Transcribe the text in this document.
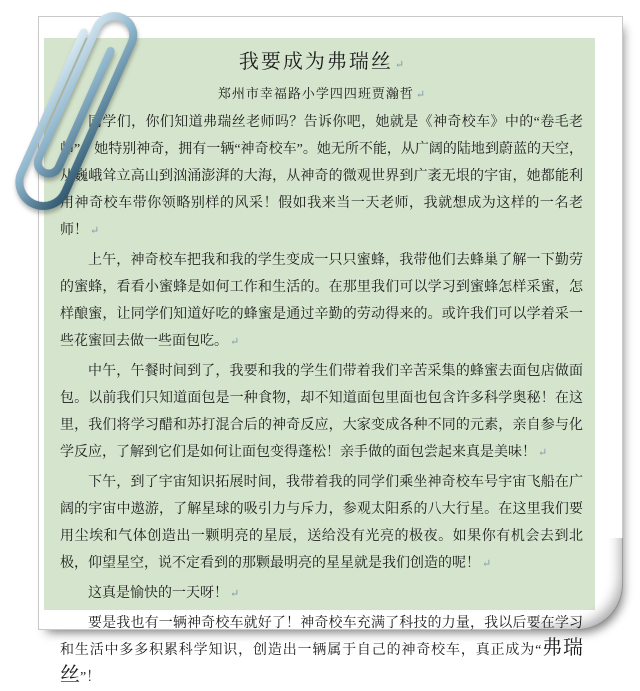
我要成为弗瑞丝 ↵
郑州市幸福路小学四四班贾瀚哲 ↵

同学们，你们知道弗瑞丝老师吗？告诉你吧，她就是《神奇校车》中的“卷毛老师”。她特别神奇，拥有一辆“神奇校车”。她无所不能，从广阔的陆地到蔚蓝的天空，从巍峨耸立高山到汹涌澎湃的大海，从神奇的微观世界到广袤无垠的宇宙，她都能利用神奇校车带你领略别样的风采！假如我来当一天老师，我就想成为这样的一名老师！ ↵

上午，神奇校车把我和我的学生变成一只只蜜蜂，我带他们去蜂巢了解一下勤劳的蜜蜂，看看小蜜蜂是如何工作和生活的。在那里我们可以学习到蜜蜂怎样采蜜，怎样酿蜜，让同学们知道好吃的蜂蜜是通过辛勤的劳动得来的。或许我们可以学着采一些花蜜回去做一些面包吃。 ↵

中午，午餐时间到了，我要和我的学生们带着我们辛苦采集的蜂蜜去面包店做面包。以前我们只知道面包是一种食物，却不知道面包里面也包含许多科学奥秘！在这里，我们将学习醋和苏打混合后的神奇反应，大家变成各种不同的元素，亲自参与化学反应，了解到它们是如何让面包变得蓬松！亲手做的面包尝起来真是美味！ ↵

下午，到了宇宙知识拓展时间，我带着我的同学们乘坐神奇校车号宇宙飞船在广阔的宇宙中遨游，了解星球的吸引力与斥力，参观太阳系的八大行星。在这里我们要用尘埃和气体创造出一颗明亮的星辰，送给没有光亮的极夜。如果你有机会去到北极，仰望星空，说不定看到的那颗最明亮的星星就是我们创造的呢！ ↵

这真是愉快的一天呀！ ↵

要是我也有一辆神奇校车就好了！神奇校车充满了科技的力量，我以后要在学习和生活中多多积累科学知识，创造出一辆属于自己的神奇校车，真正成为“弗瑞丝”！
